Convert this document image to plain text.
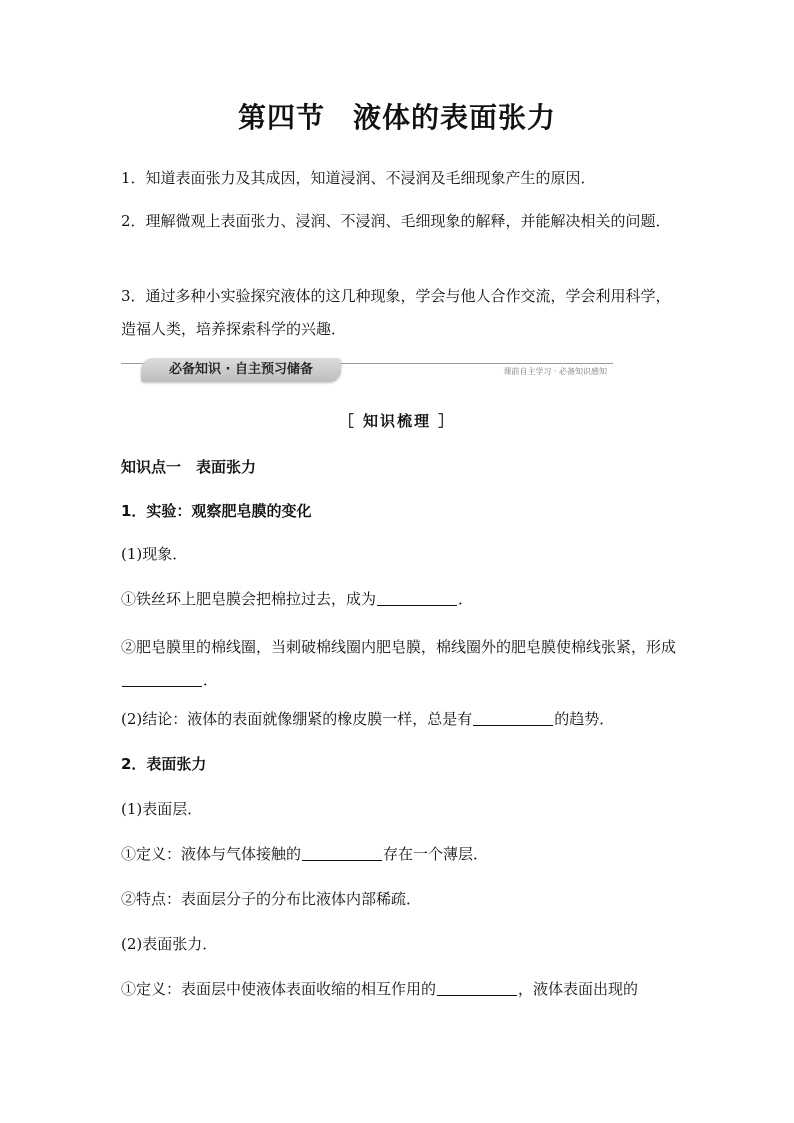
第四节 液体的表面张力

1．知道表面张力及其成因，知道浸润、不浸润及毛细现象产生的原因．

2．理解微观上表面张力、浸润、不浸润、毛细现象的解释，并能解决相关的问题．

3．通过多种小实验探究液体的这几种现象，学会与他人合作交流，学会利用科学，造福人类，培养探索科学的兴趣．

必备知识 · 自主预习储备	课前自主学习 · 必备知识感知
［ 知识梳理 ］

知识点一　表面张力

1．实验：观察肥皂膜的变化

(1)现象．

①铁丝环上肥皂膜会把棉拉过去，成为	．

②肥皂膜里的棉线圈，当刺破棉线圈内肥皂膜，棉线圈外的肥皂膜使棉线张紧，形成．

(2)结论：液体的表面就像绷紧的橡皮膜一样，总是有	的趋势．

2．表面张力

(1)表面层．

①定义：液体与气体接触的	存在一个薄层．

②特点：表面层分子的分布比液体内部稀疏．

(2)表面张力．

①定义：表面层中使液体表面收缩的相互作用的	，液体表面出现的
